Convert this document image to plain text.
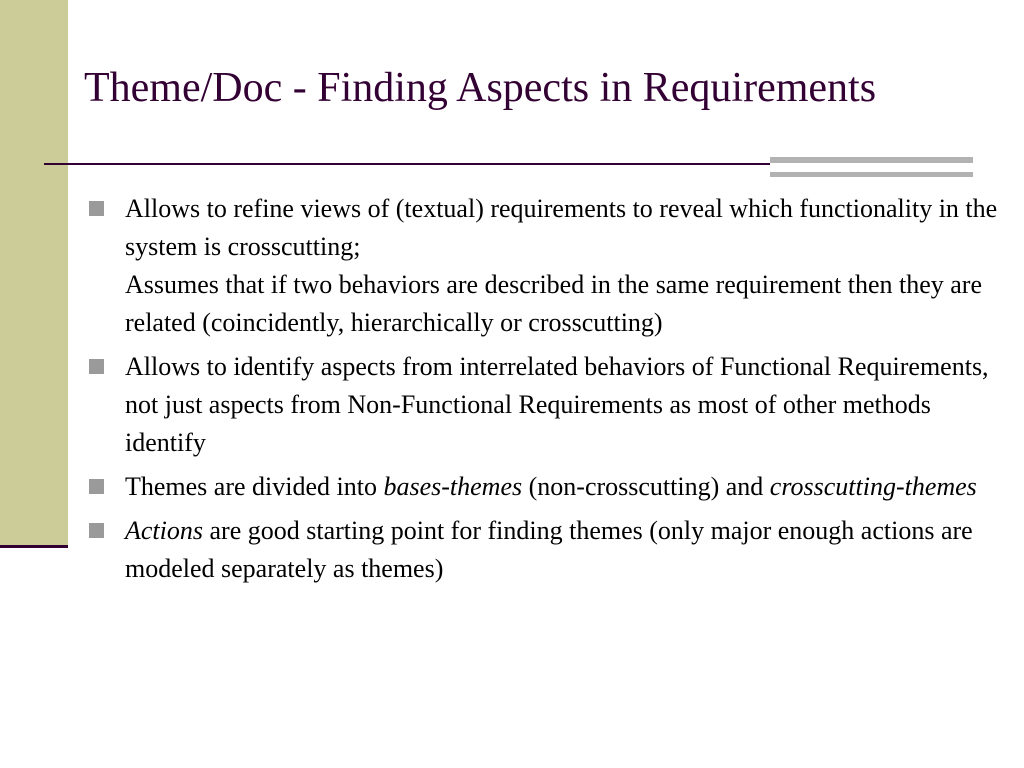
Theme/Doc - Finding Aspects in Requirements
Allows to refine views of (textual) requirements to reveal which functionality in the system is crosscutting;
Assumes that if two behaviors are described in the same requirement then they are related (coincidently, hierarchically or crosscutting)
Allows to identify aspects from interrelated behaviors of Functional Requirements, not just aspects from Non-Functional Requirements as most of other methods identify
Themes are divided into bases-themes (non-crosscutting) and crosscutting-themes
Actions are good starting point for finding themes (only major enough actions are modeled separately as themes)
